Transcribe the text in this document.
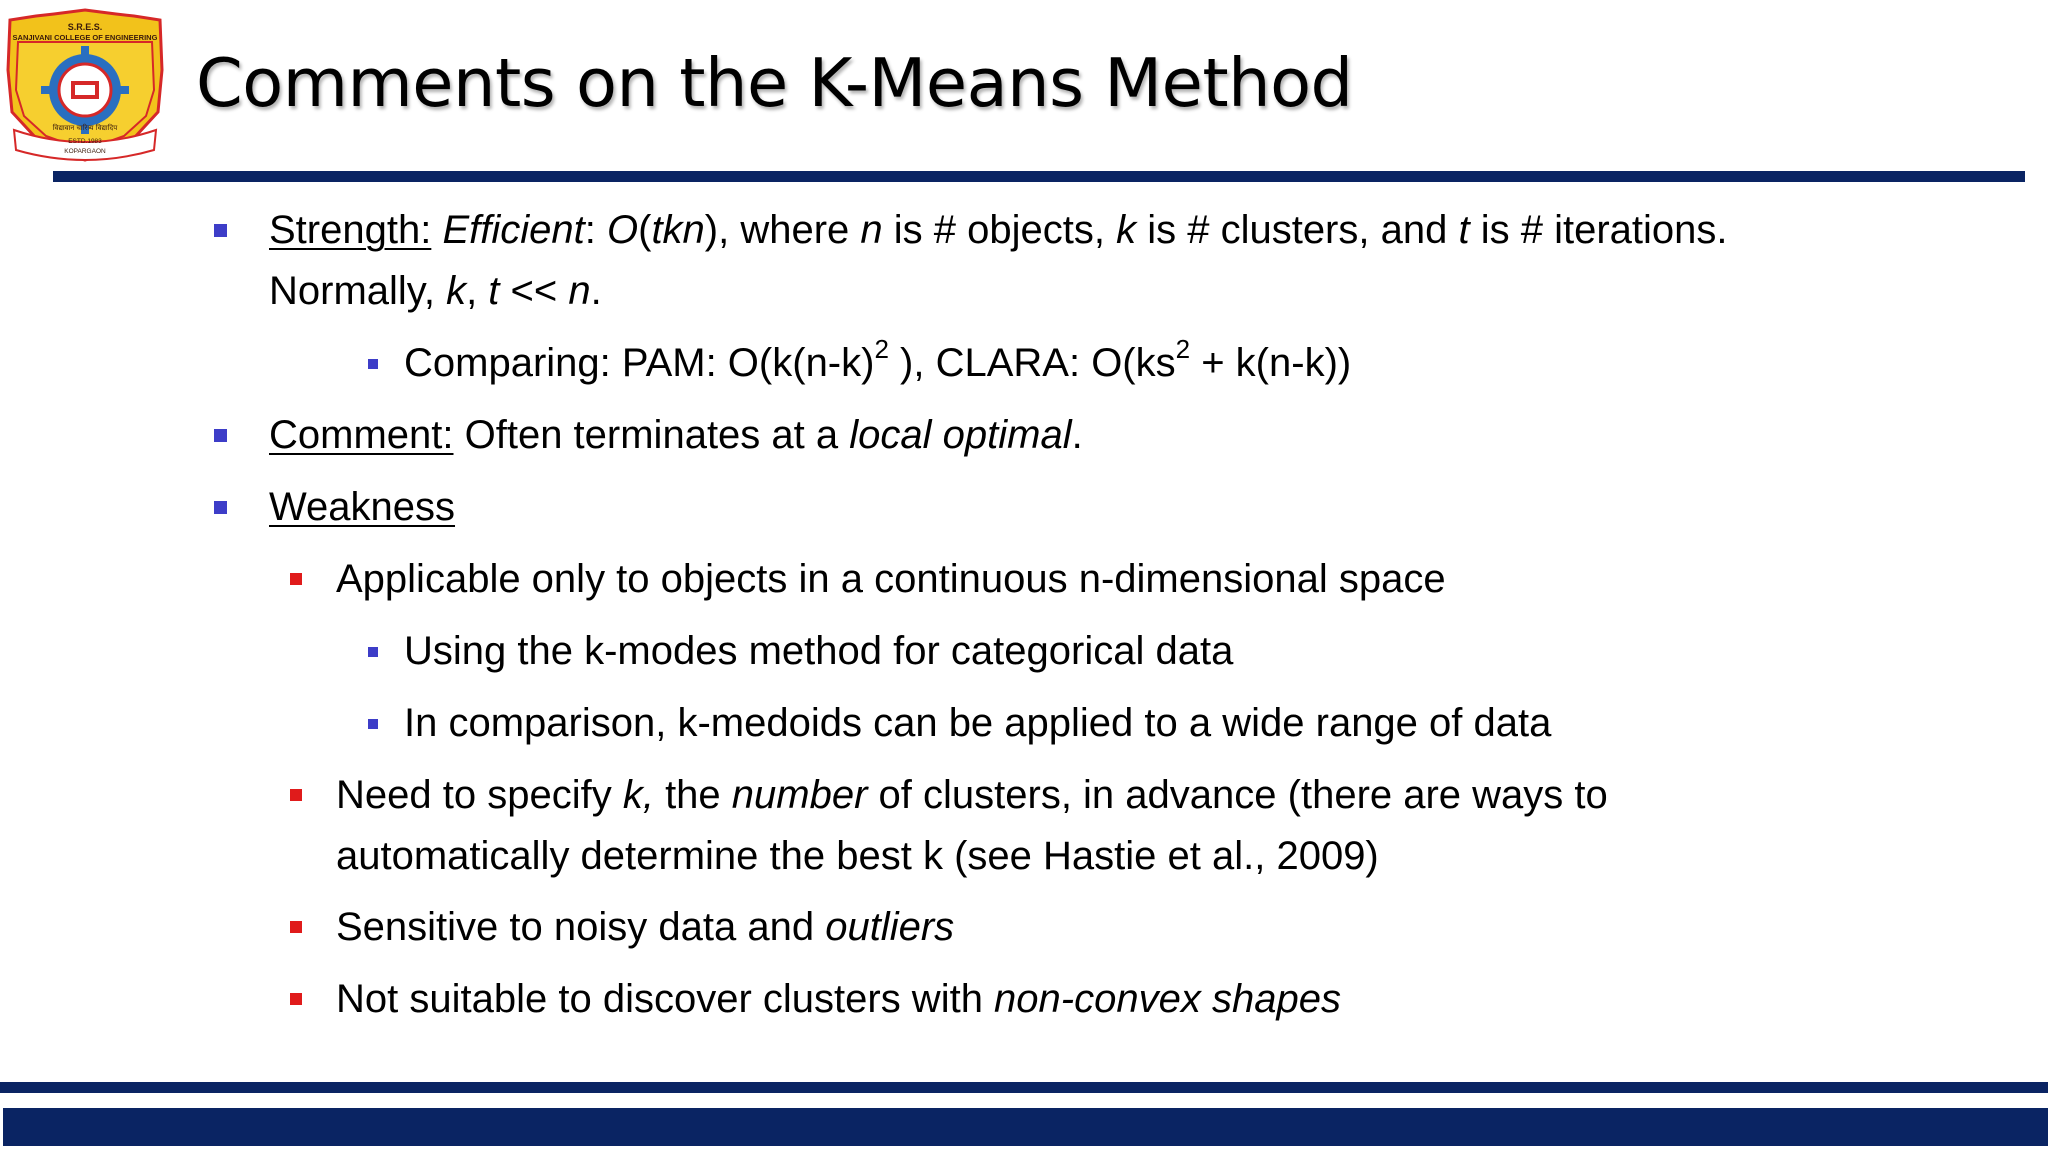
S.R.E.S.
SANJIVANI COLLEGE OF ENGINEERING
विद्यावान चारित्र्य विद्यादिप
ESTD.1983
KOPARGAON
Comments on the K-Means Method
Strength: Efficient: O(tkn), where n is # objects, k is # clusters, and t is # iterations.
Normally, k, t << n.
Comparing: PAM: $O(k(n-k)^2$ ), CLARA: $O(ks^2 + k(n-k))$
Comment: Often terminates at a local optimal.
Weakness
Applicable only to objects in a continuous n-dimensional space
Using the k-modes method for categorical data
In comparison, k-medoids can be applied to a wide range of data
Need to specify k, the number of clusters, in advance (there are ways to
automatically determine the best k (see Hastie et al., 2009)
Sensitive to noisy data and outliers
Not suitable to discover clusters with non-convex shapes
